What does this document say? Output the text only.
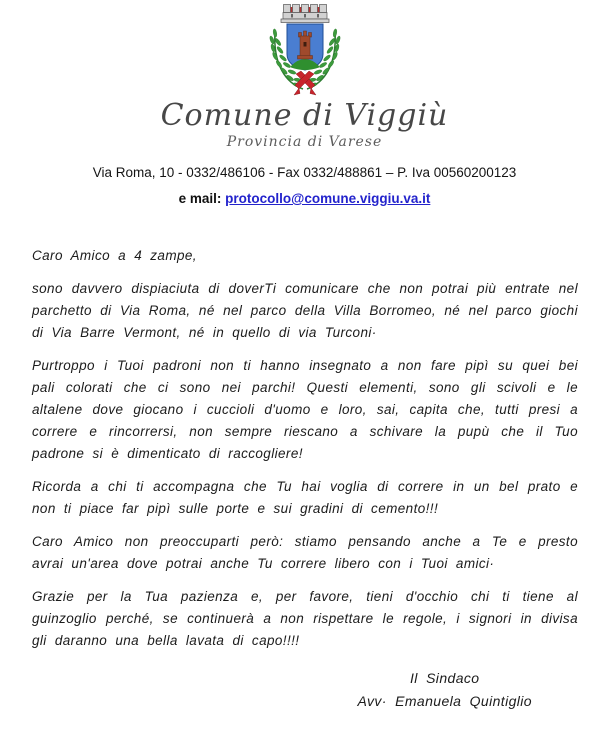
Comune di Viggiù
Provincia di Varese
Via Roma, 10 - 0332/486106 - Fax 0332/488861 – P. Iva 00560200123
e mail: protocollo@comune.viggiu.va.it

Caro Amico a 4 zampe,

sono davvero dispiaciuta di doverTi comunicare che non potrai più entrate nel parchetto di Via Roma, né nel parco della Villa Borromeo, né nel parco giochi di Via Barre Vermont, né in quello di via Turconi·

Purtroppo i Tuoi padroni non ti hanno insegnato a non fare pipì su quei bei pali colorati che ci sono nei parchi! Questi elementi, sono gli scivoli e le altalene dove giocano i cuccioli d'uomo e loro, sai, capita che, tutti presi a correre e rincorrersi, non sempre riescano a schivare la pupù che il Tuo padrone si è dimenticato di raccogliere!

Ricorda a chi ti accompagna che Tu hai voglia di correre in un bel prato e non ti piace far pipì sulle porte e sui gradini di cemento!!!

Caro Amico non preoccuparti però: stiamo pensando anche a Te e presto avrai un'area dove potrai anche Tu correre libero con i Tuoi amici·

Grazie per la Tua pazienza e, per favore, tieni d'occhio chi ti tiene al guinzoglio perché, se continuerà a non rispettare le regole, i signori in divisa gli daranno una bella lavata di capo!!!!

Il Sindaco
Avv· Emanuela Quintiglio
